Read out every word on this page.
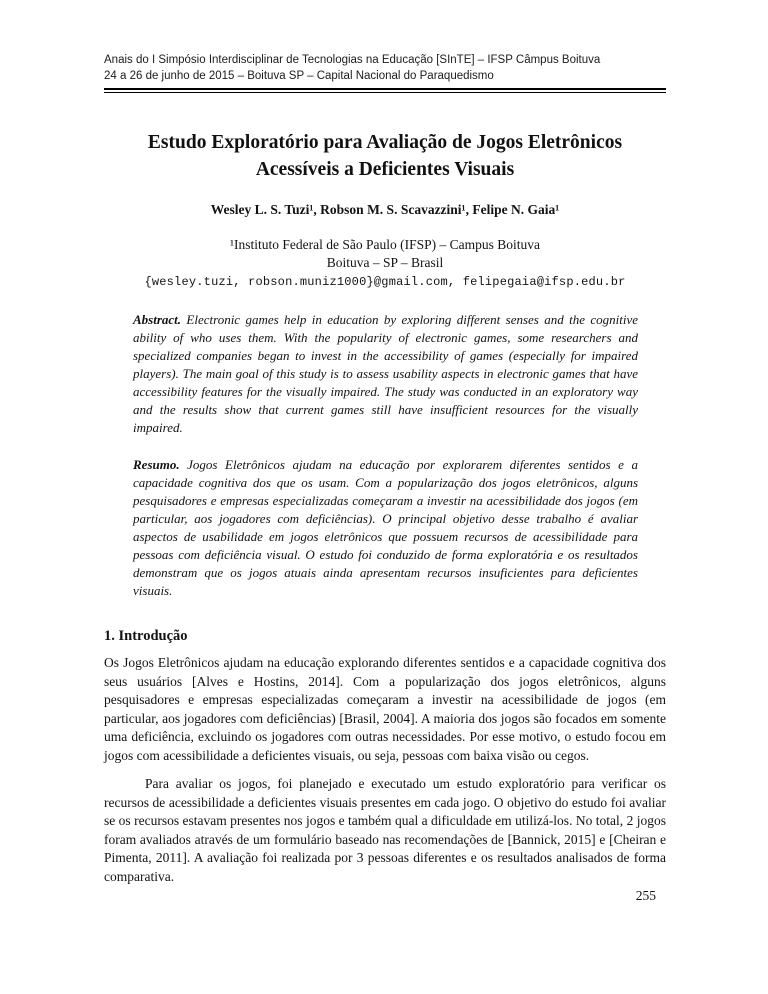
Anais do I Simpósio Interdisciplinar de Tecnologias na Educação [SInTE] – IFSP Câmpus Boituva
24 a 26 de junho de 2015 – Boituva SP – Capital Nacional do Paraquedismo
Estudo Exploratório para Avaliação de Jogos Eletrônicos
Acessíveis a Deficientes Visuais
Wesley L. S. Tuzi¹, Robson M. S. Scavazzini¹, Felipe N. Gaia¹
¹Instituto Federal de São Paulo (IFSP) – Campus Boituva
Boituva – SP – Brasil
{wesley.tuzi, robson.muniz1000}@gmail.com, felipegaia@ifsp.edu.br
Abstract. Electronic games help in education by exploring different senses and the cognitive ability of who uses them. With the popularity of electronic games, some researchers and specialized companies began to invest in the accessibility of games (especially for impaired players). The main goal of this study is to assess usability aspects in electronic games that have accessibility features for the visually impaired. The study was conducted in an exploratory way and the results show that current games still have insufficient resources for the visually impaired.
Resumo. Jogos Eletrônicos ajudam na educação por explorarem diferentes sentidos e a capacidade cognitiva dos que os usam. Com a popularização dos jogos eletrônicos, alguns pesquisadores e empresas especializadas começaram a investir na acessibilidade dos jogos (em particular, aos jogadores com deficiências). O principal objetivo desse trabalho é avaliar aspectos de usabilidade em jogos eletrônicos que possuem recursos de acessibilidade para pessoas com deficiência visual. O estudo foi conduzido de forma exploratória e os resultados demonstram que os jogos atuais ainda apresentam recursos insuficientes para deficientes visuais.
1. Introdução
Os Jogos Eletrônicos ajudam na educação explorando diferentes sentidos e a capacidade cognitiva dos seus usuários [Alves e Hostins, 2014]. Com a popularização dos jogos eletrônicos, alguns pesquisadores e empresas especializadas começaram a investir na acessibilidade de jogos (em particular, aos jogadores com deficiências) [Brasil, 2004]. A maioria dos jogos são focados em somente uma deficiência, excluindo os jogadores com outras necessidades. Por esse motivo, o estudo focou em jogos com acessibilidade a deficientes visuais, ou seja, pessoas com baixa visão ou cegos.
Para avaliar os jogos, foi planejado e executado um estudo exploratório para verificar os recursos de acessibilidade a deficientes visuais presentes em cada jogo. O objetivo do estudo foi avaliar se os recursos estavam presentes nos jogos e também qual a dificuldade em utilizá-los. No total, 2 jogos foram avaliados através de um formulário baseado nas recomendações de [Bannick, 2015] e [Cheiran e Pimenta, 2011]. A avaliação foi realizada por 3 pessoas diferentes e os resultados analisados de forma comparativa.
255
